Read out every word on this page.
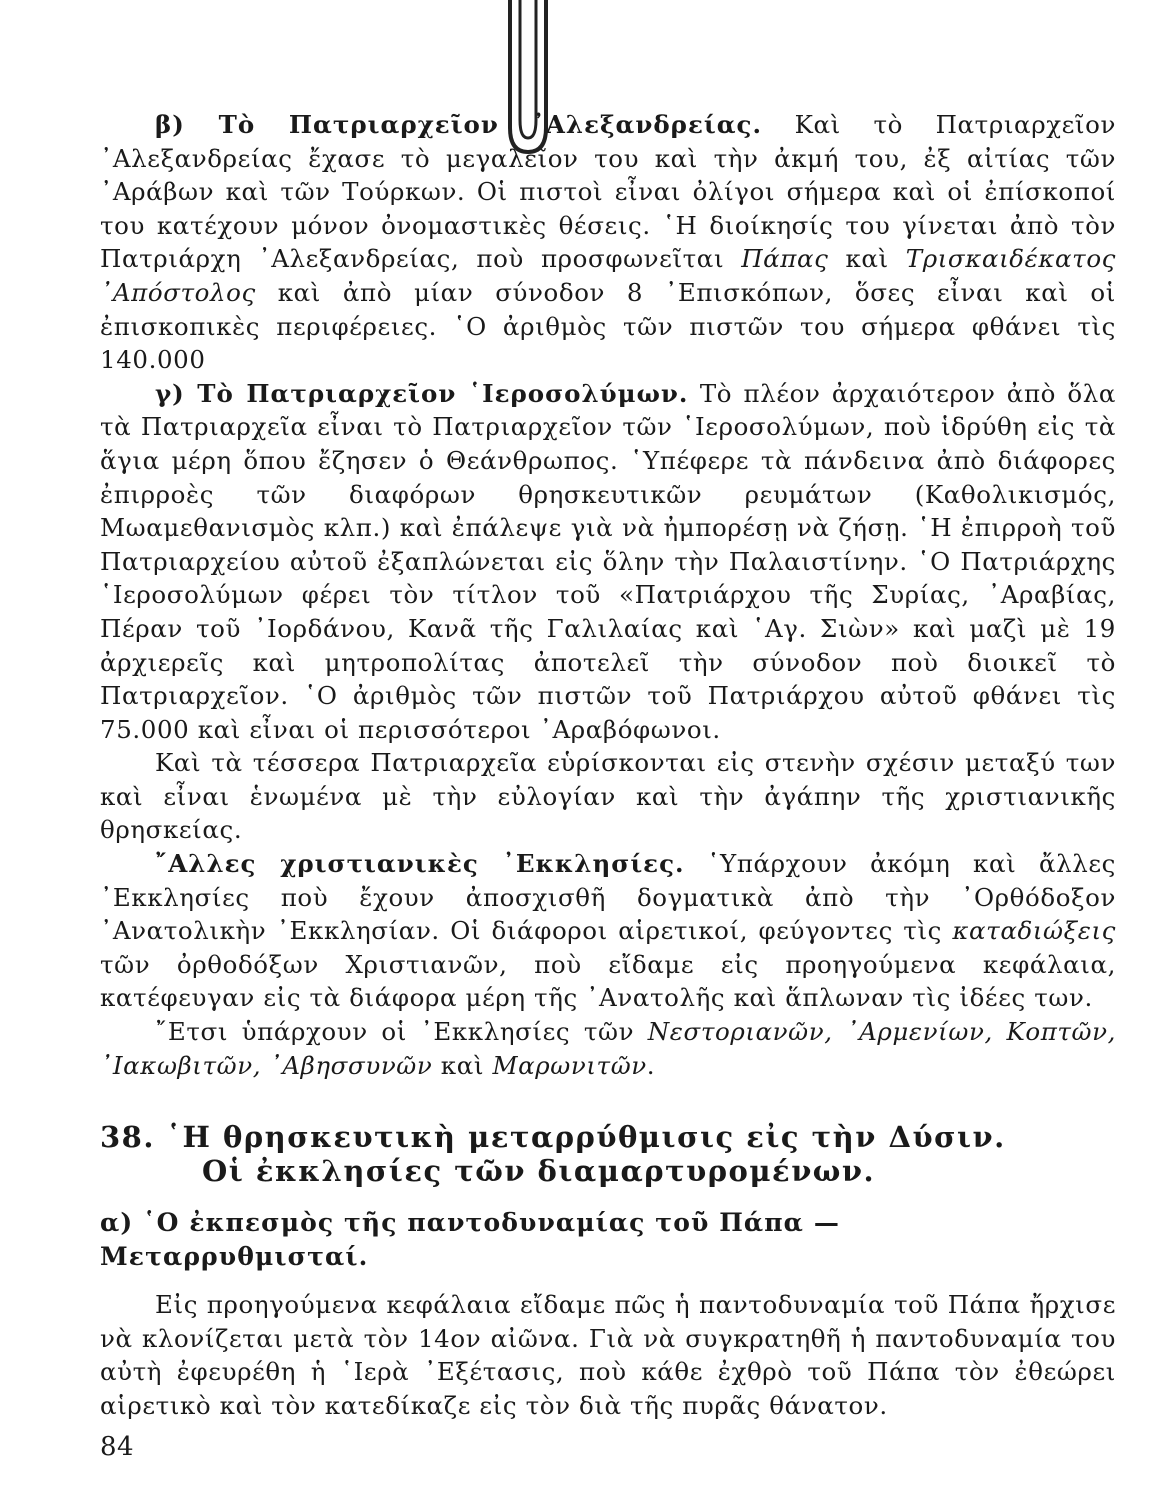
β) Τὸ Πατριαρχεῖον ᾿Αλεξανδρείας. Καὶ τὸ Πατριαρχεῖον ᾿Αλεξανδρείας ἔχασε τὸ μεγαλεῖον του καὶ τὴν ἀκμή του, ἐξ αἰτίας τῶν ᾿Αράβων καὶ τῶν Τούρκων. Οἱ πιστοὶ εἶναι ὀλίγοι σήμερα καὶ οἱ ἐπίσκοποί του κατέχουν μόνον ὀνομαστικὲς θέσεις. ῾Η διοίκησίς του γίνεται ἀπὸ τὸν Πατριάρχη ᾿Αλεξανδρείας, ποὺ προσφωνεῖται Πάπας καὶ Τρισκαιδέκατος ᾿Απόστολος καὶ ἀπὸ μίαν σύνοδον 8 ᾿Επισκόπων, ὅσες εἶναι καὶ οἱ ἐπισκοπικὲς περιφέρειες. ῾Ο ἀριθμὸς τῶν πιστῶν του σήμερα φθάνει τὶς 140.000

γ) Τὸ Πατριαρχεῖον ῾Ιεροσολύμων. Τὸ πλέον ἀρχαιότερον ἀπὸ ὅλα τὰ Πατριαρχεῖα εἶναι τὸ Πατριαρχεῖον τῶν ῾Ιεροσολύμων, ποὺ ἱδρύθη εἰς τὰ ἅγια μέρη ὅπου ἔζησεν ὁ Θεάνθρωπος. ῾Υπέφερε τὰ πάνδεινα ἀπὸ διάφορες ἐπιρροὲς τῶν διαφόρων θρησκευτικῶν ρευμάτων (Καθολικισμός, Μωαμεθανισμὸς κλπ.) καὶ ἐπάλεψε γιὰ νὰ ἠμπορέσῃ νὰ ζήσῃ. ῾Η ἐπιρροὴ τοῦ Πατριαρχείου αὐτοῦ ἐξαπλώνεται εἰς ὅλην τὴν Παλαιστίνην. ῾Ο Πατριάρχης ῾Ιεροσολύμων φέρει τὸν τίτλον τοῦ «Πατριάρχου τῆς Συρίας, ᾿Αραβίας, Πέραν τοῦ ᾿Ιορδάνου, Κανᾶ τῆς Γαλιλαίας καὶ ῾Αγ. Σιὼν» καὶ μαζὶ μὲ 19 ἀρχιερεῖς καὶ μητροπολίτας ἀποτελεῖ τὴν σύνοδον ποὺ διοικεῖ τὸ Πατριαρχεῖον. ῾Ο ἀριθμὸς τῶν πιστῶν τοῦ Πατριάρχου αὐτοῦ φθάνει τὶς 75.000 καὶ εἶναι οἱ περισσότεροι ᾿Αραβόφωνοι.

Καὶ τὰ τέσσερα Πατριαρχεῖα εὑρίσκονται εἰς στενὴν σχέσιν μεταξύ των καὶ εἶναι ἑνωμένα μὲ τὴν εὐλογίαν καὶ τὴν ἀγάπην τῆς χριστιανικῆς θρησκείας.

῎Αλλες χριστιανικὲς ᾿Εκκλησίες. ῾Υπάρχουν ἀκόμη καὶ ἄλλες ᾿Εκκλησίες ποὺ ἔχουν ἀποσχισθῆ δογματικὰ ἀπὸ τὴν ᾿Ορθόδοξον ᾿Ανατολικὴν ᾿Εκκλησίαν. Οἱ διάφοροι αἱρετικοί, φεύγοντες τὶς καταδιώξεις τῶν ὀρθοδόξων Χριστιανῶν, ποὺ εἴδαμε εἰς προηγούμενα κεφάλαια, κατέφευγαν εἰς τὰ διάφορα μέρη τῆς ᾿Ανατολῆς καὶ ἅπλωναν τὶς ἰδέες των.

῎Ετσι ὑπάρχουν οἱ ᾿Εκκλησίες τῶν Νεστοριανῶν, ᾿Αρμενίων, Κοπτῶν, ᾿Ιακωβιτῶν, ᾿Αβησσυνῶν καὶ Μαρωνιτῶν.

38. ῾Η θρησκευτικὴ μεταρρύθμισις εἰς τὴν Δύσιν.
Οἱ ἐκκλησίες τῶν διαμαρτυρομένων.
α) ῾Ο ἐκπεσμὸς τῆς παντοδυναμίας τοῦ Πάπα — Μεταρρυθμισταί.

Εἰς προηγούμενα κεφάλαια εἴδαμε πῶς ἡ παντοδυναμία τοῦ Πάπα ἤρχισε νὰ κλονίζεται μετὰ τὸν 14ον αἰῶνα. Γιὰ νὰ συγκρατηθῆ ἡ παντοδυναμία του αὐτὴ ἐφευρέθη ἡ ῾Ιερὰ ᾿Εξέτασις, ποὺ κάθε ἐχθρὸ τοῦ Πάπα τὸν ἐθεώρει αἱρετικὸ καὶ τὸν κατεδίκαζε εἰς τὸν διὰ τῆς πυρᾶς θάνατον.

84
